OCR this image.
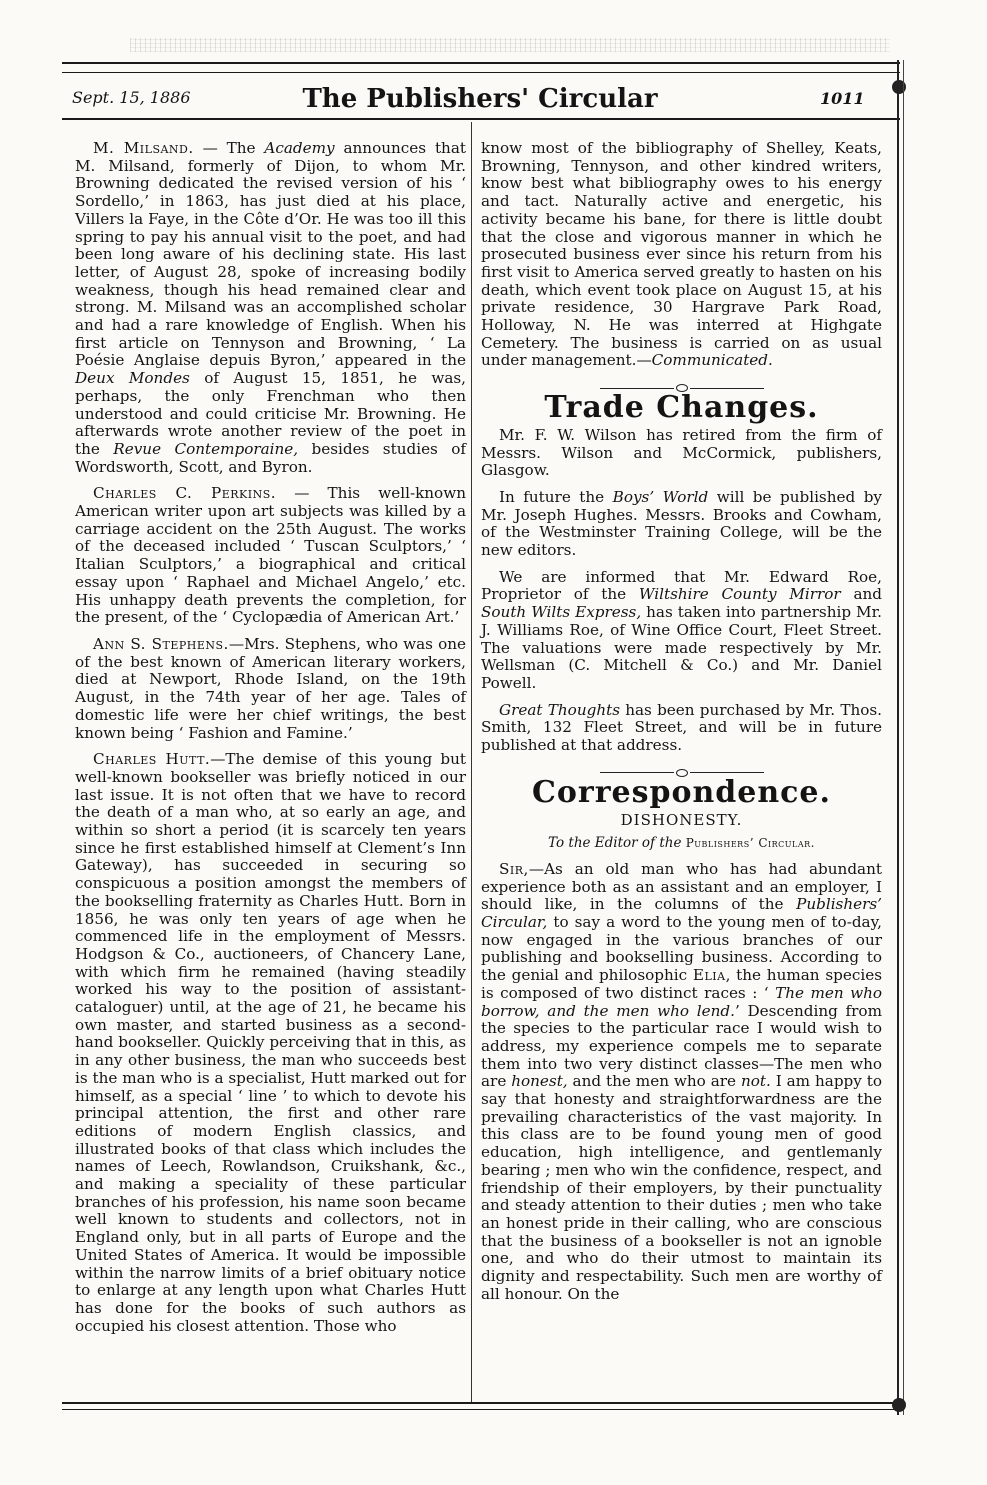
Sept. 15, 1886	The Publishers' Circular	1011

M. Milsand. — The Academy announces that M. Milsand, formerly of Dijon, to whom Mr. Browning dedicated the revised version of his ‘ Sordello,’ in 1863, has just died at his place, Villers la Faye, in the Côte d’Or. He was too ill this spring to pay his annual visit to the poet, and had been long aware of his declining state. His last letter, of August 28, spoke of increasing bodily weakness, though his head remained clear and strong. M. Milsand was an accomplished scholar and had a rare knowledge of English. When his first article on Tennyson and Browning, ‘ La Poésie Anglaise depuis Byron,’ appeared in the Deux Mondes of August 15, 1851, he was, perhaps, the only Frenchman who then understood and could criticise Mr. Browning. He afterwards wrote another review of the poet in the Revue Contemporaine, besides studies of Wordsworth, Scott, and Byron.

Charles C. Perkins. — This well-known American writer upon art subjects was killed by a carriage accident on the 25th August. The works of the deceased included ‘ Tuscan Sculptors,’ ‘ Italian Sculptors,’ a biographical and critical essay upon ‘ Raphael and Michael Angelo,’ etc. His unhappy death prevents the completion, for the present, of the ‘ Cyclopædia of American Art.’

Ann S. Stephens.—Mrs. Stephens, who was one of the best known of American literary workers, died at Newport, Rhode Island, on the 19th August, in the 74th year of her age. Tales of domestic life were her chief writings, the best known being ‘ Fashion and Famine.’

Charles Hutt.—The demise of this young but well-known bookseller was briefly noticed in our last issue. It is not often that we have to record the death of a man who, at so early an age, and within so short a period (it is scarcely ten years since he first established himself at Clement’s Inn Gateway), has succeeded in securing so conspicuous a position amongst the members of the bookselling fraternity as Charles Hutt. Born in 1856, he was only ten years of age when he commenced life in the employment of Messrs. Hodgson & Co., auctioneers, of Chancery Lane, with which firm he remained (having steadily worked his way to the position of assistant-cataloguer) until, at the age of 21, he became his own master, and started business as a second-hand bookseller. Quickly perceiving that in this, as in any other business, the man who succeeds best is the man who is a specialist, Hutt marked out for himself, as a special ‘ line ’ to which to devote his principal attention, the first and other rare editions of modern English classics, and illustrated books of that class which includes the names of Leech, Rowlandson, Cruikshank, &c., and making a speciality of these particular branches of his profession, his name soon became well known to students and collectors, not in England only, but in all parts of Europe and the United States of America. It would be impossible within the narrow limits of a brief obituary notice to enlarge at any length upon what Charles Hutt has done for the books of such authors as occupied his closest attention. Those who

know most of the bibliography of Shelley, Keats, Browning, Tennyson, and other kindred writers, know best what bibliography owes to his energy and tact. Naturally active and energetic, his activity became his bane, for there is little doubt that the close and vigorous manner in which he prosecuted business ever since his return from his first visit to America served greatly to hasten on his death, which event took place on August 15, at his private residence, 30 Hargrave Park Road, Holloway, N. He was interred at Highgate Cemetery. The business is carried on as usual under management.—Communicated.

Trade Changes.

Mr. F. W. Wilson has retired from the firm of Messrs. Wilson and McCormick, publishers, Glasgow.

In future the Boys’ World will be published by Mr. Joseph Hughes. Messrs. Brooks and Cowham, of the Westminster Training College, will be the new editors.

We are informed that Mr. Edward Roe, Proprietor of the Wiltshire County Mirror and South Wilts Express, has taken into partnership Mr. J. Williams Roe, of Wine Office Court, Fleet Street. The valuations were made respectively by Mr. Wellsman (C. Mitchell & Co.) and Mr. Daniel Powell.

Great Thoughts has been purchased by Mr. Thos. Smith, 132 Fleet Street, and will be in future published at that address.

Correspondence.
DISHONESTY.
To the Editor of the Publishers’ Circular.

Sir,—As an old man who has had abundant experience both as an assistant and an employer, I should like, in the columns of the Publishers’ Circular, to say a word to the young men of to-day, now engaged in the various branches of our publishing and bookselling business. According to the genial and philosophic Elia, the human species is composed of two distinct races : ‘ The men who borrow, and the men who lend.’ Descending from the species to the particular race I would wish to address, my experience compels me to separate them into two very distinct classes—The men who are honest, and the men who are not. I am happy to say that honesty and straightforwardness are the prevailing characteristics of the vast majority. In this class are to be found young men of good education, high intelligence, and gentlemanly bearing ; men who win the confidence, respect, and friendship of their employers, by their punctuality and steady attention to their duties ; men who take an honest pride in their calling, who are conscious that the business of a bookseller is not an ignoble one, and who do their utmost to maintain its dignity and respectability. Such men are worthy of all honour. On the
